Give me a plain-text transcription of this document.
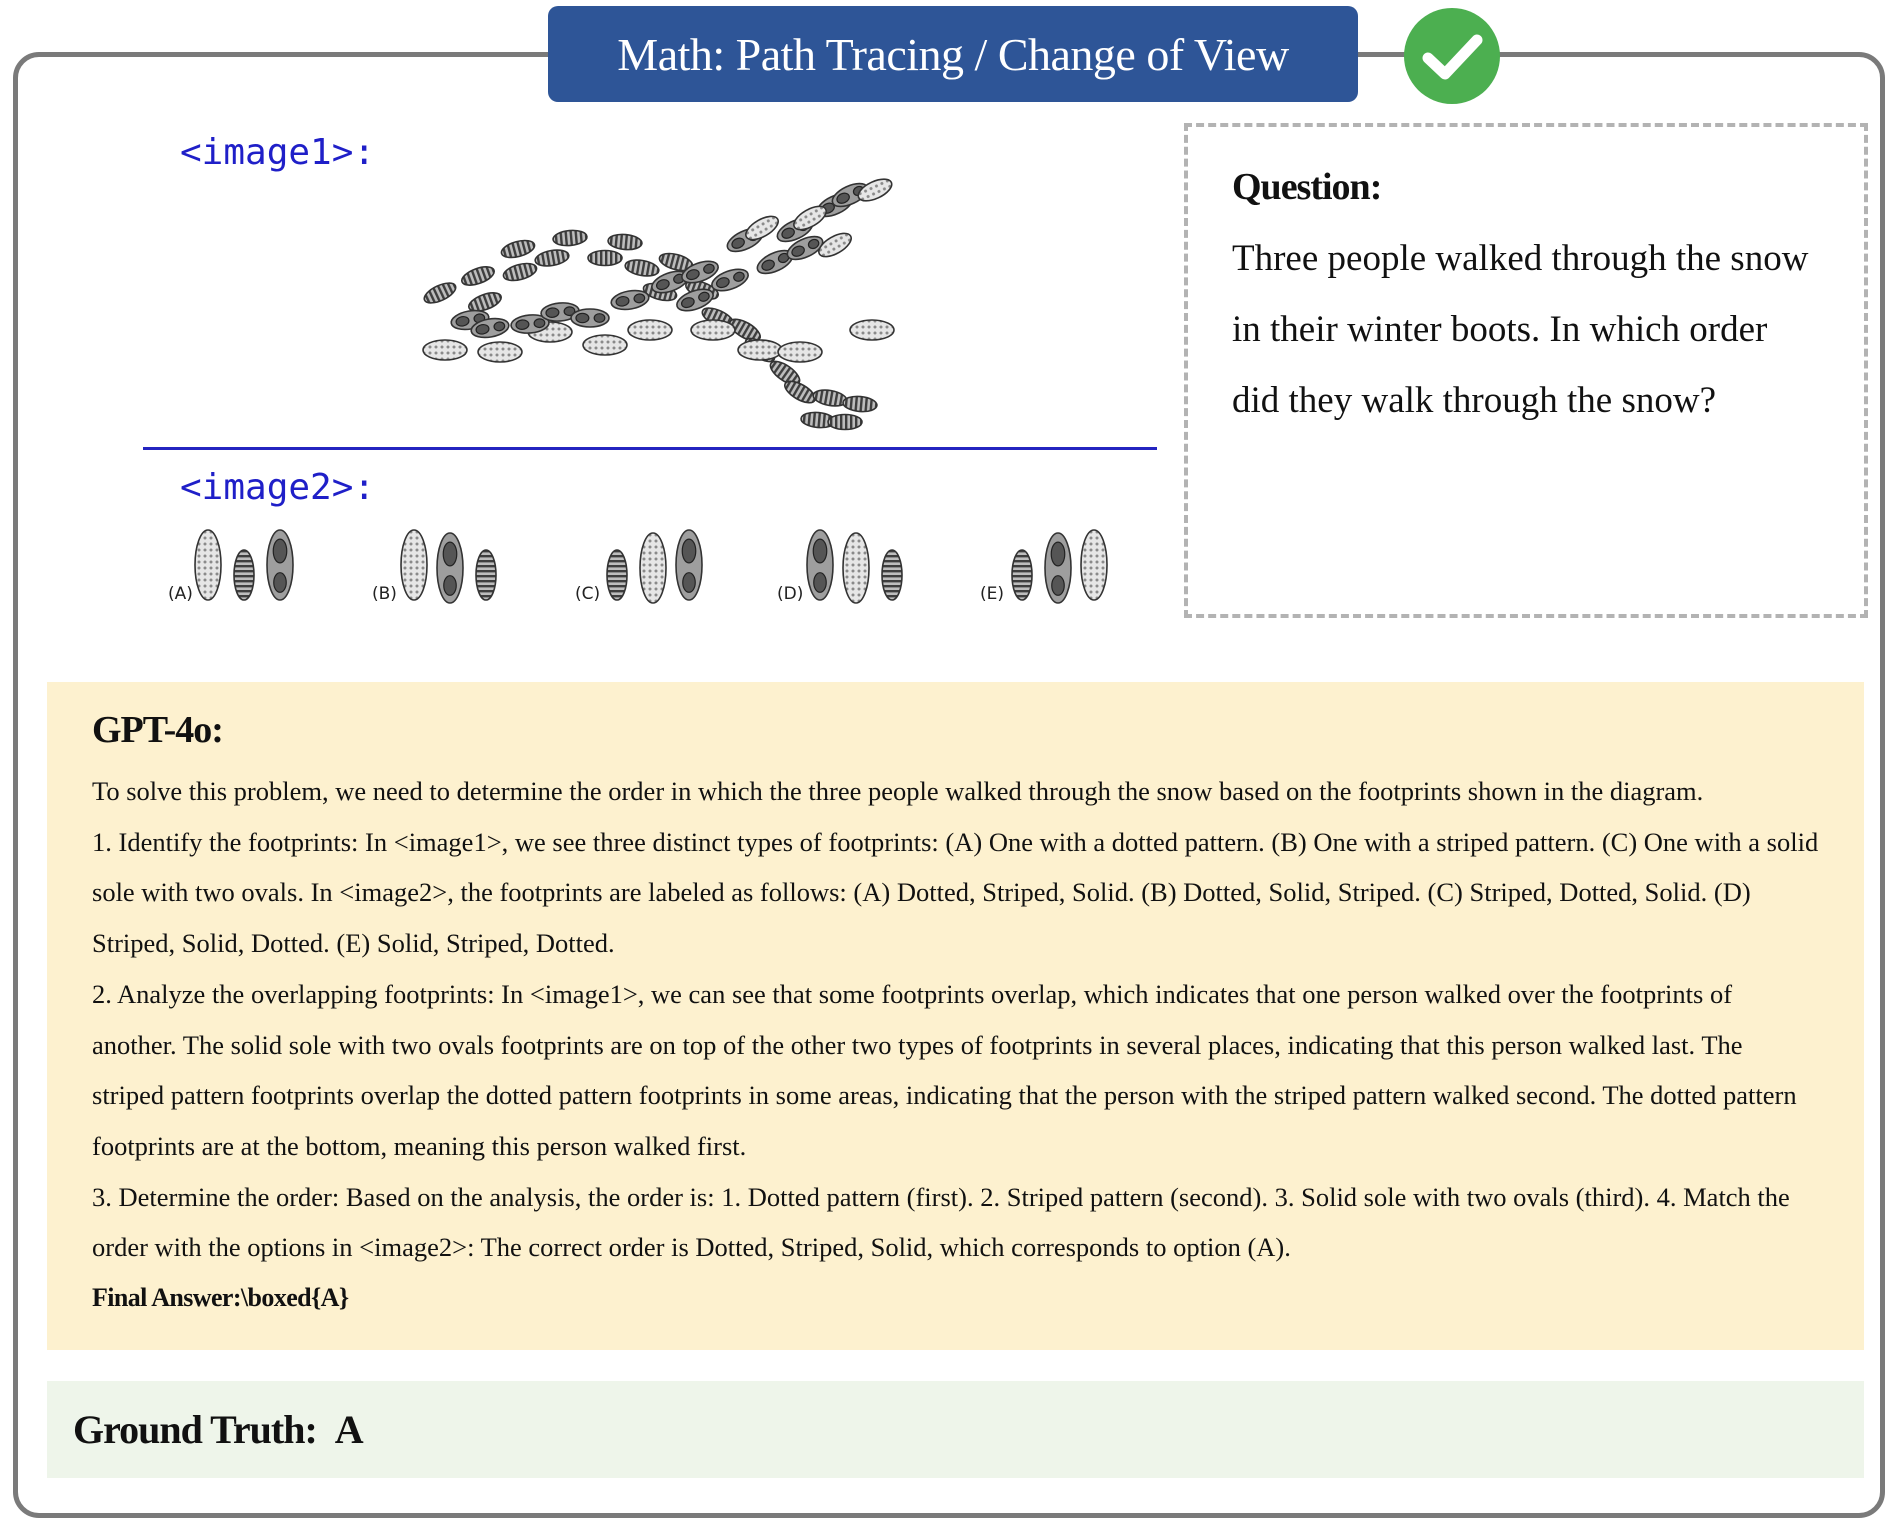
Math: Path Tracing / Change of View
<image1>:
<image2>:
(A)	(B)	(C)	(D)	(E)

Question:

Three people walked through the snow in their winter boots. In which order did they walk through the snow?

GPT-4o:

To solve this problem, we need to determine the order in which the three people walked through the snow based on the footprints shown in the diagram.

1. Identify the footprints: In <image1>, we see three distinct types of footprints: (A) One with a dotted pattern. (B) One with a striped pattern. (C) One with a solid sole with two ovals. In <image2>, the footprints are labeled as follows: (A) Dotted, Striped, Solid. (B) Dotted, Solid, Striped. (C) Striped, Dotted, Solid. (D) Striped, Solid, Dotted. (E) Solid, Striped, Dotted.

2. Analyze the overlapping footprints: In <image1>, we can see that some footprints overlap, which indicates that one person walked over the footprints of another. The solid sole with two ovals footprints are on top of the other two types of footprints in several places, indicating that this person walked last. The striped pattern footprints overlap the dotted pattern footprints in some areas, indicating that the person with the striped pattern walked second. The dotted pattern footprints are at the bottom, meaning this person walked first.

3. Determine the order: Based on the analysis, the order is: 1. Dotted pattern (first). 2. Striped pattern (second). 3. Solid sole with two ovals (third). 4. Match the order with the options in <image2>: The correct order is Dotted, Striped, Solid, which corresponds to option (A).

Final Answer:\boxed{A}

Ground Truth:
A
